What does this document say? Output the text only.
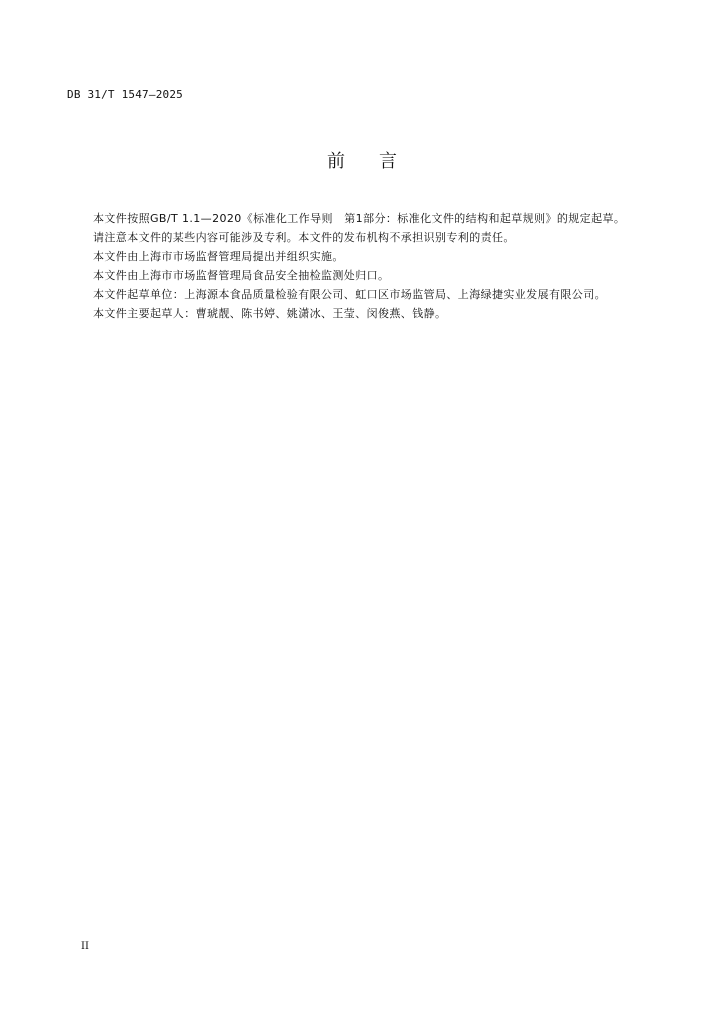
DB 31/T 1547—2025
前 言

本文件按照GB/T 1.1—2020《标准化工作导则　第1部分：标准化文件的结构和起草规则》的规定起草。

请注意本文件的某些内容可能涉及专利。本文件的发布机构不承担识别专利的责任。

本文件由上海市市场监督管理局提出并组织实施。

本文件由上海市市场监督管理局食品安全抽检监测处归口。

本文件起草单位：上海源本食品质量检验有限公司、虹口区市场监管局、上海绿捷实业发展有限公司。

本文件主要起草人：曹琥靓、陈书婷、姚潇冰、王莹、闵俊燕、钱静。

II
